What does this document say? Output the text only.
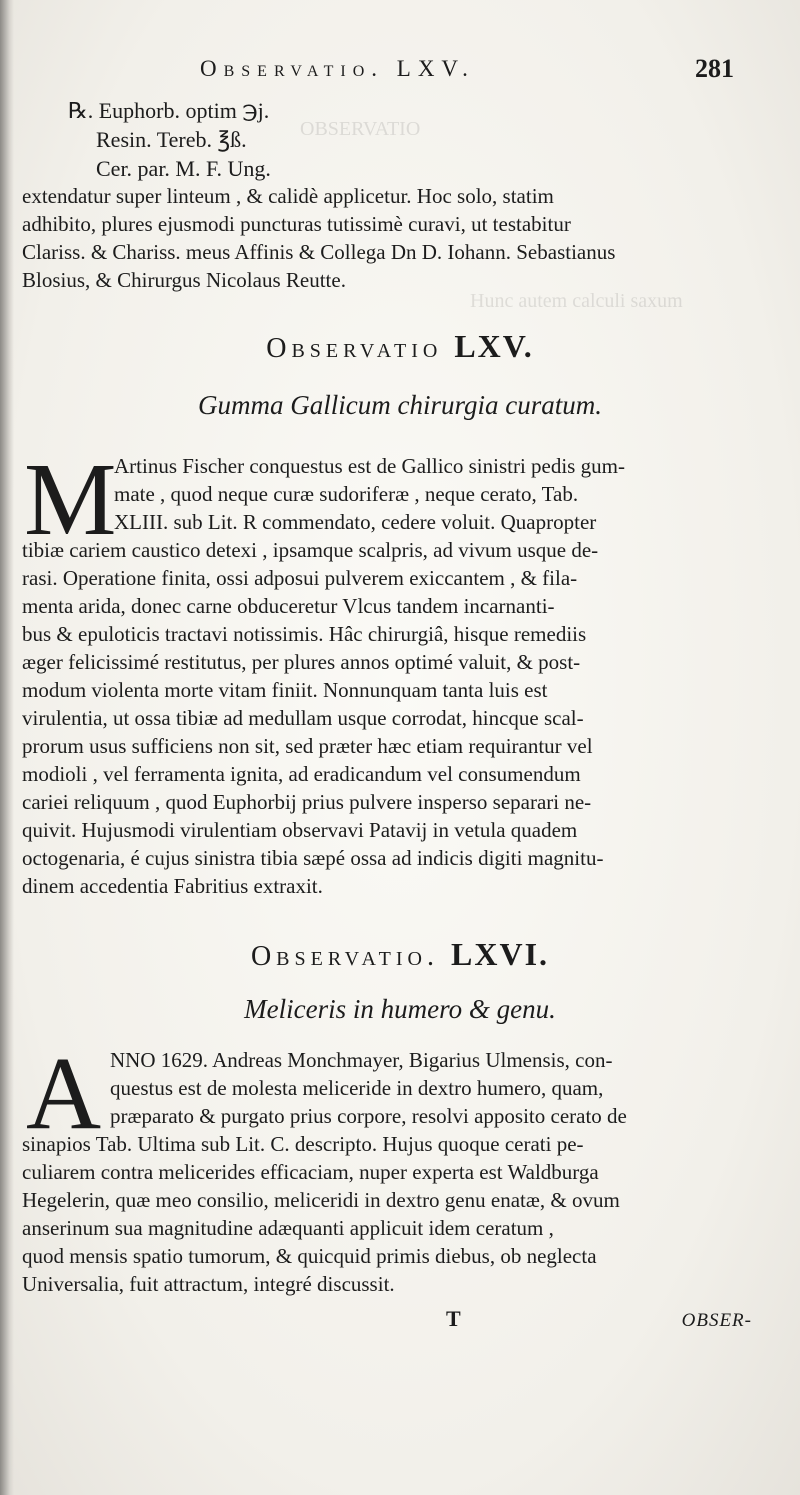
OBSERVATIO
Hunc autem calculi saxum
Observatio. LXV.	281
℞. Euphorb. optim ℈j.
Resin. Tereb. ℥ß.
Cer. par. M. F. Ung.
extendatur super linteum , & calidè applicetur. Hoc solo, statim
adhibito, plures ejusmodi puncturas tutissimè curavi, ut testabitur
Clariss. & Chariss. meus Affinis & Collega Dn D. Iohann. Sebastianus
Blosius, & Chirurgus Nicolaus Reutte.
Observatio LXV.
Gumma Gallicum chirurgia curatum.
M
Artinus Fischer conquestus est de Gallico sinistri pedis gum-
mate , quod neque curæ sudoriferæ , neque cerato, Tab.
XLIII. sub Lit. R commendato, cedere voluit. Quapropter
tibiæ cariem caustico detexi , ipsamque scalpris, ad vivum usque de-
rasi. Operatione finita, ossi adposui pulverem exiccantem , & fila-
menta arida, donec carne obduceretur Vlcus tandem incarnanti-
bus & epuloticis tractavi notissimis. Hâc chirurgiâ, hisque remediis
æger felicissimé restitutus, per plures annos optimé valuit, & post-
modum violenta morte vitam finiit. Nonnunquam tanta luis est
virulentia, ut ossa tibiæ ad medullam usque corrodat, hincque scal-
prorum usus sufficiens non sit, sed præter hæc etiam requirantur vel
modioli , vel ferramenta ignita, ad eradicandum vel consumendum
cariei reliquum , quod Euphorbij prius pulvere insperso separari ne-
quivit. Hujusmodi virulentiam observavi Patavij in vetula quadem
octogenaria, é cujus sinistra tibia sæpé ossa ad indicis digiti magnitu-
dinem accedentia Fabritius extraxit.
Observatio. LXVI.
Meliceris in humero & genu.
A NNO 1629. Andreas Monchmayer, Bigarius Ulmensis, con-
questus est de molesta meliceride in dextro humero, quam,
præparato & purgato prius corpore, resolvi apposito cerato de
sinapios Tab. Ultima sub Lit. C. descripto. Hujus quoque cerati pe-
culiarem contra melicerides efficaciam, nuper experta est Waldburga
Hegelerin, quæ meo consilio, meliceridi in dextro genu enatæ, & ovum
anserinum sua magnitudine adæquanti applicuit idem ceratum ,
quod mensis spatio tumorum, & quicquid primis diebus, ob neglecta
Universalia, fuit attractum, integré discussit.
T	OBSER-
